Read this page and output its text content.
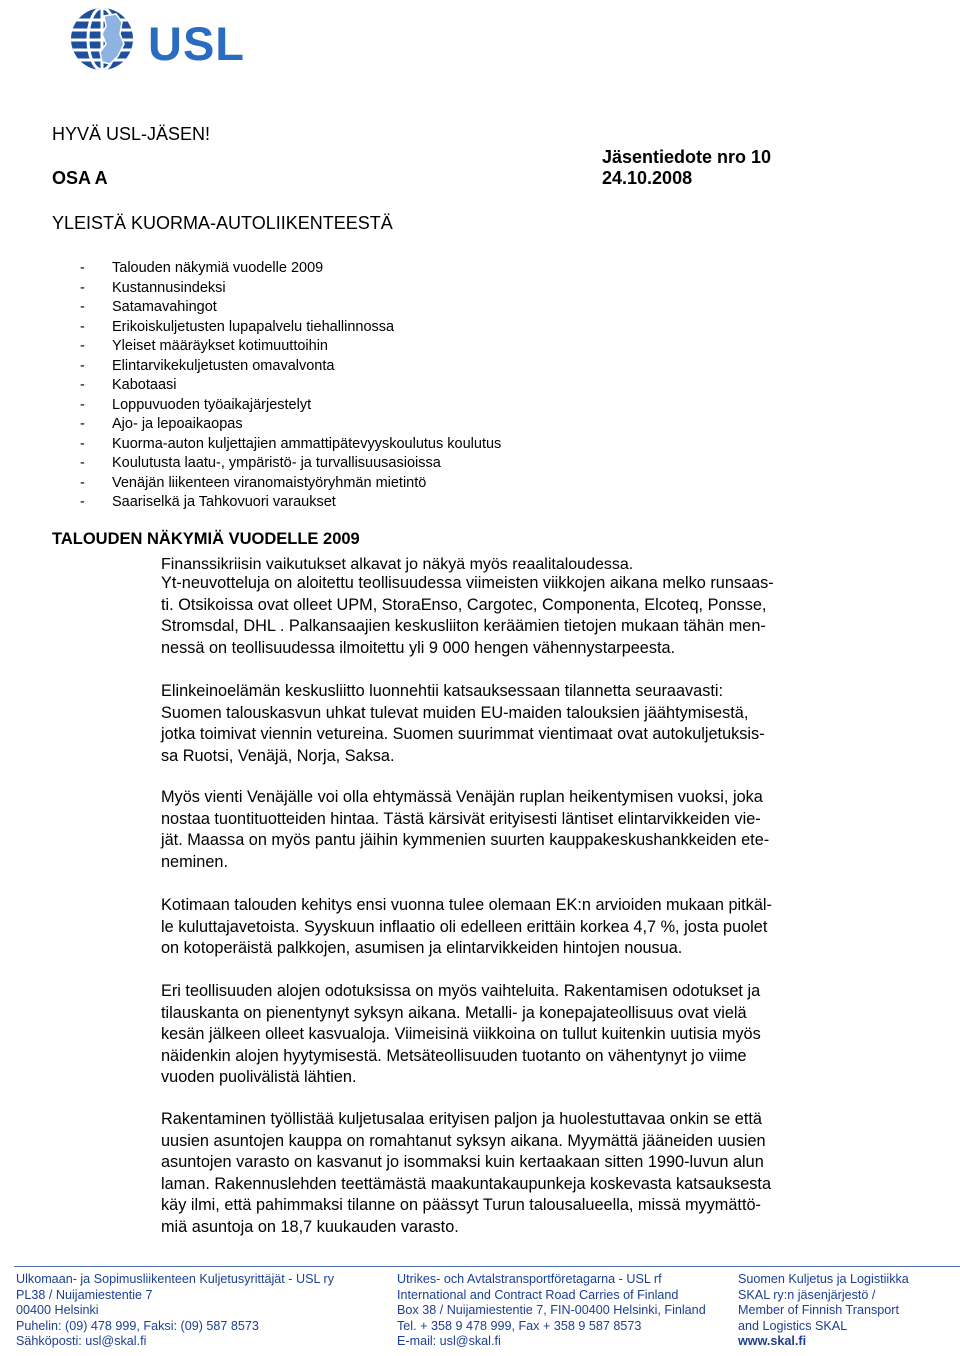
USL
HYVÄ USL-JÄSEN!
Jäsentiedote nro 10
OSA A	24.10.2008
YLEISTÄ KUORMA-AUTOLIIKENTEESTÄ
- Talouden näkymiä vuodelle 2009
- Kustannusindeksi
- Satamavahingot
- Erikoiskuljetusten lupapalvelu tiehallinnossa
- Yleiset määräykset kotimuuttoihin
- Elintarvikekuljetusten omavalvonta
- Kabotaasi
- Loppuvuoden työaikajärjestelyt
- Ajo- ja lepoaikaopas
- Kuorma-auton kuljettajien ammattipätevyyskoulutus koulutus
- Koulutusta laatu-, ympäristö- ja turvallisuusasioissa
- Venäjän liikenteen viranomaistyöryhmän mietintö
- Saariselkä ja Tahkovuori varaukset
TALOUDEN NÄKYMIÄ VUODELLE 2009
Finanssikriisin vaikutukset alkavat jo näkyä myös reaalitaloudessa.
Yt-neuvotteluja on aloitettu teollisuudessa viimeisten viikkojen aikana melko runsaas-
ti. Otsikoissa ovat olleet UPM, StoraEnso, Cargotec, Componenta, Elcoteq, Ponsse,
Stromsdal, DHL . Palkansaajien keskusliiton keräämien tietojen mukaan tähän men-
nessä on teollisuudessa ilmoitettu yli 9 000 hengen vähennystarpeesta.
Elinkeinoelämän keskusliitto luonnehtii katsauksessaan tilannetta seuraavasti:
Suomen talouskasvun uhkat tulevat muiden EU-maiden talouksien jäähtymisestä,
jotka toimivat viennin vetureina. Suomen suurimmat vientimaat ovat autokuljetuksis-
sa Ruotsi, Venäjä, Norja, Saksa.
Myös vienti Venäjälle voi olla ehtymässä Venäjän ruplan heikentymisen vuoksi, joka
nostaa tuontituotteiden hintaa. Tästä kärsivät erityisesti läntiset elintarvikkeiden vie-
jät. Maassa on myös pantu jäihin kymmenien suurten kauppakeskushankkeiden ete-
neminen.
Kotimaan talouden kehitys ensi vuonna tulee olemaan EK:n arvioiden mukaan pitkäl-
le kuluttajavetoista. Syyskuun inflaatio oli edelleen erittäin korkea 4,7 %, josta puolet
on kotoperäistä palkkojen, asumisen ja elintarvikkeiden hintojen nousua.
Eri teollisuuden alojen odotuksissa on myös vaihteluita. Rakentamisen odotukset ja
tilauskanta on pienentynyt syksyn aikana. Metalli- ja konepajateollisuus ovat vielä
kesän jälkeen olleet kasvualoja. Viimeisinä viikkoina on tullut kuitenkin uutisia myös
näidenkin alojen hyytymisestä. Metsäteollisuuden tuotanto on vähentynyt jo viime
vuoden puolivälistä lähtien.
Rakentaminen työllistää kuljetusalaa erityisen paljon ja huolestuttavaa onkin se että
uusien asuntojen kauppa on romahtanut syksyn aikana. Myymättä jääneiden uusien
asuntojen varasto on kasvanut jo isommaksi kuin kertaakaan sitten 1990-luvun alun
laman. Rakennuslehden teettämästä maakuntakaupunkeja koskevasta katsauksesta
käy ilmi, että pahimmaksi tilanne on päässyt Turun talousalueella, missä myymättö-
miä asuntoja on 18,7 kuukauden varasto.
Ulkomaan- ja Sopimusliikenteen Kuljetusyrittäjät - USL ry
PL38 / Nuijamiestentie 7
00400 Helsinki
Puhelin: (09) 478 999, Faksi: (09) 587 8573
Sähköposti: usl@skal.fi
Utrikes- och Avtalstransportföretagarna - USL rf
International and Contract Road Carries of Finland
Box 38 / Nuijamiestentie 7, FIN-00400 Helsinki, Finland
Tel. + 358 9 478 999, Fax + 358 9 587 8573
E-mail: usl@skal.fi
Suomen Kuljetus ja Logistiikka
SKAL ry:n jäsenjärjestö /
Member of Finnish Transport
and Logistics SKAL
www.skal.fi
